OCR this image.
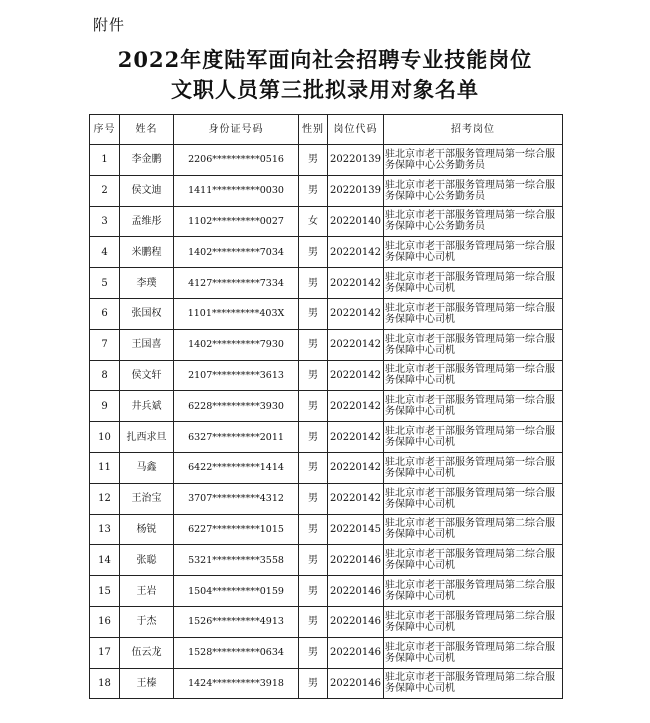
附件
2022年度陆军面向社会招聘专业技能岗位
文职人员第三批拟录用对象名单
序号	姓名	身份证号码	性别	岗位代码	招考岗位
1	李金鹏	2206**********0516	男	20220139	驻北京市老干部服务管理局第一综合服务保障中心公务勤务员
2	侯文迪	1411**********0030	男	20220139	驻北京市老干部服务管理局第一综合服务保障中心公务勤务员
3	孟维彤	1102**********0027	女	20220140	驻北京市老干部服务管理局第一综合服务保障中心公务勤务员
4	米鹏程	1402**********7034	男	20220142	驻北京市老干部服务管理局第一综合服务保障中心司机
5	李璞	4127**********7334	男	20220142	驻北京市老干部服务管理局第一综合服务保障中心司机
6	张国权	1101**********403X	男	20220142	驻北京市老干部服务管理局第一综合服务保障中心司机
7	王国喜	1402**********7930	男	20220142	驻北京市老干部服务管理局第一综合服务保障中心司机
8	侯文轩	2107**********3613	男	20220142	驻北京市老干部服务管理局第一综合服务保障中心司机
9	井兵斌	6228**********3930	男	20220142	驻北京市老干部服务管理局第一综合服务保障中心司机
10	扎西求旦	6327**********2011	男	20220142	驻北京市老干部服务管理局第一综合服务保障中心司机
11	马鑫	6422**********1414	男	20220142	驻北京市老干部服务管理局第一综合服务保障中心司机
12	王治宝	3707**********4312	男	20220142	驻北京市老干部服务管理局第一综合服务保障中心司机
13	杨锐	6227**********1015	男	20220145	驻北京市老干部服务管理局第二综合服务保障中心司机
14	张聪	5321**********3558	男	20220146	驻北京市老干部服务管理局第二综合服务保障中心司机
15	王岩	1504**********0159	男	20220146	驻北京市老干部服务管理局第二综合服务保障中心司机
16	于杰	1526**********4913	男	20220146	驻北京市老干部服务管理局第二综合服务保障中心司机
17	伍云龙	1528**********0634	男	20220146	驻北京市老干部服务管理局第二综合服务保障中心司机
18	王榛	1424**********3918	男	20220146	驻北京市老干部服务管理局第二综合服务保障中心司机
